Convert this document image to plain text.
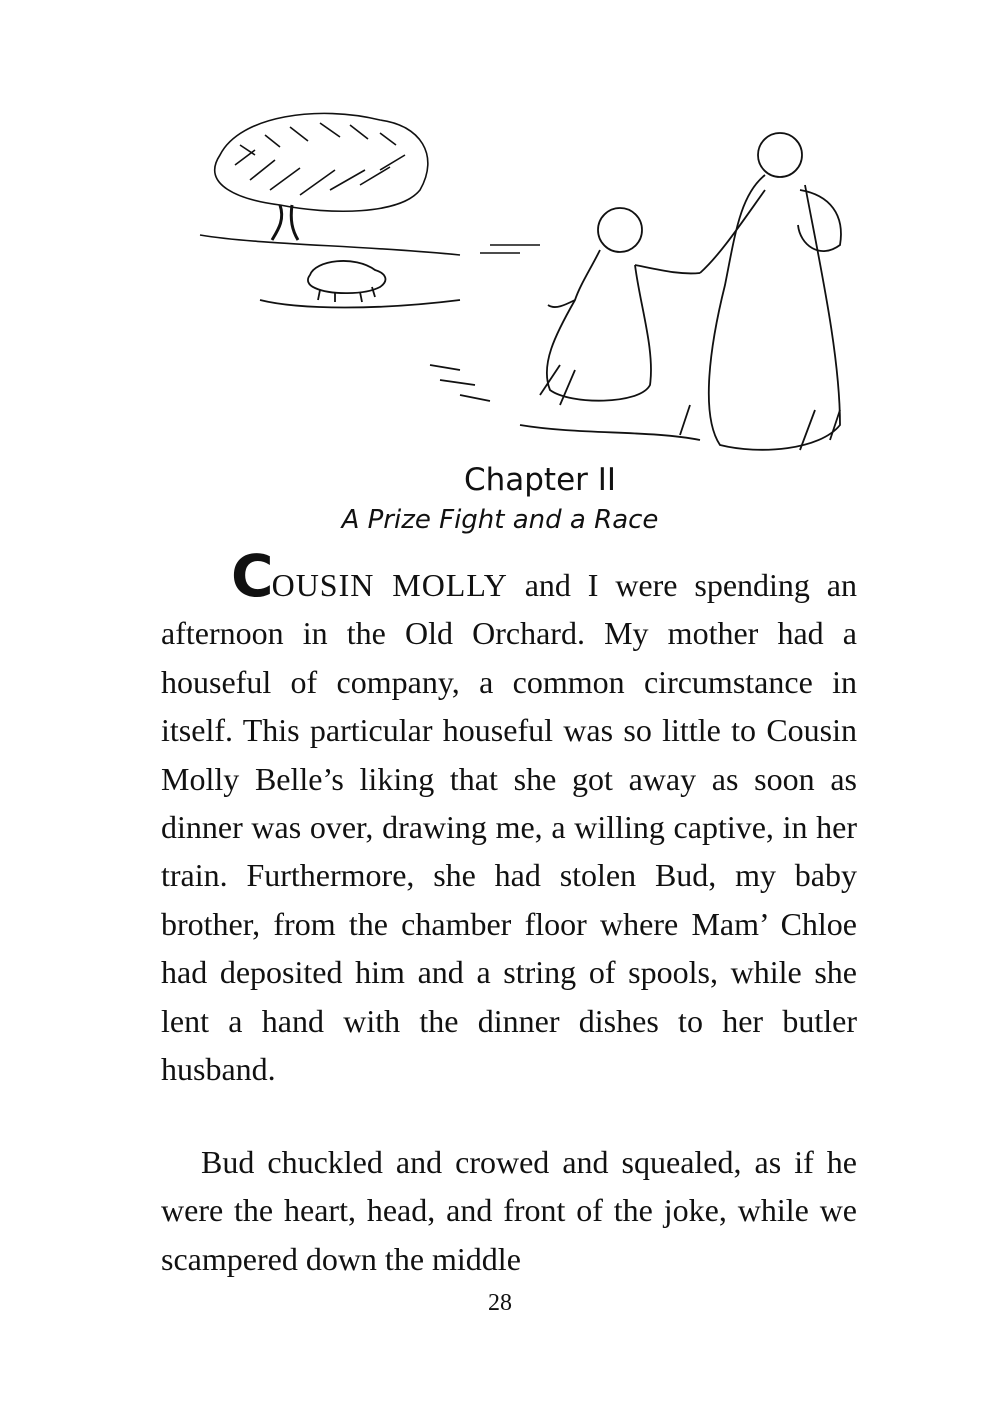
Chapter II
A Prize Fight and a Race

COUSIN MOLLY and I were spending an afternoon in the Old Orchard. My mother had a houseful of company, a common circumstance in itself. This particular houseful was so little to Cousin Molly Belle’s liking that she got away as soon as dinner was over, drawing me, a willing captive, in her train. Furthermore, she had stolen Bud, my baby brother, from the chamber floor where Mam’ Chloe had deposited him and a string of spools, while she lent a hand with the dinner dishes to her butler husband.

Bud chuckled and crowed and squealed, as if he were the heart, head, and front of the joke, while we scampered down the middle

28
